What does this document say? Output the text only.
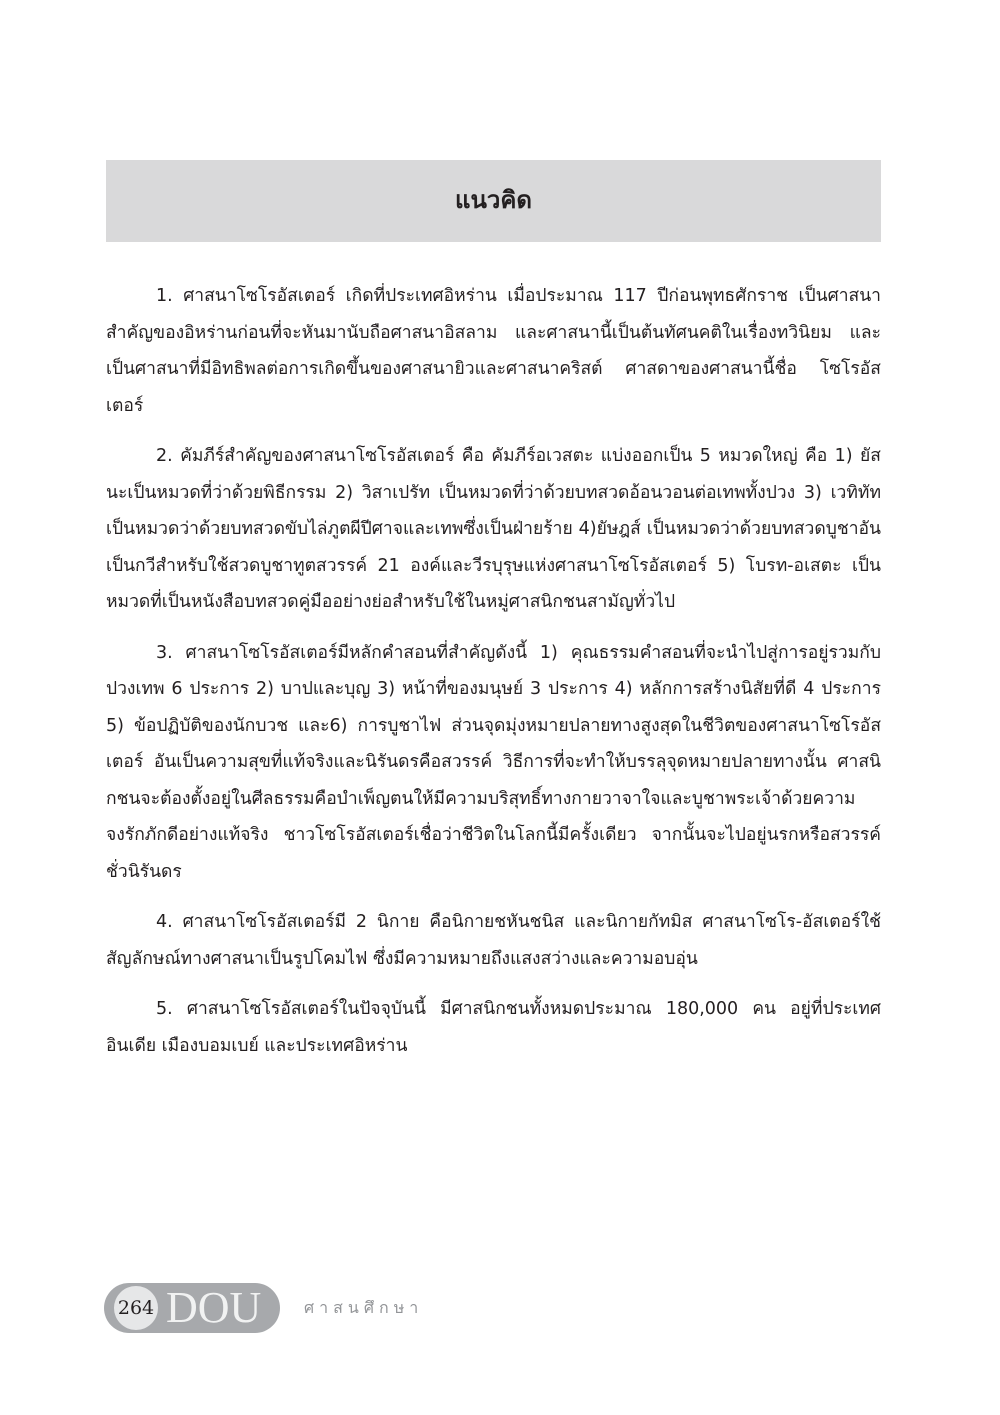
แนวคิด

1. ศาสนาโซโรอัสเตอร์ เกิดที่ประเทศอิหร่าน เมื่อประมาณ 117 ปีก่อนพุทธศักราช เป็นศาสนาสำคัญของอิหร่านก่อนที่จะหันมานับถือศาสนาอิสลาม และศาสนานี้เป็นต้นทัศนคติในเรื่องทวินิยม และเป็นศาสนาที่มีอิทธิพลต่อการเกิดขึ้นของศาสนายิวและศาสนาคริสต์ ศาสดาของศาสนานี้ชื่อ โซโรอัสเตอร์

2. คัมภีร์สำคัญของศาสนาโซโรอัสเตอร์ คือ คัมภีร์อเวสตะ แบ่งออกเป็น 5 หมวดใหญ่ คือ 1) ยัสนะเป็นหมวดที่ว่าด้วยพิธีกรรม 2) วิสาเปรัท เป็นหมวดที่ว่าด้วยบทสวดอ้อนวอนต่อเทพทั้งปวง 3) เวทิทัท เป็นหมวดว่าด้วยบทสวดขับไล่ภูตผีปีศาจและเทพซึ่งเป็นฝ่ายร้าย 4)ยัษฎส์ เป็นหมวดว่าด้วยบทสวดบูชาอันเป็นกวีสำหรับใช้สวดบูชาทูตสวรรค์ 21 องค์และวีรบุรุษแห่งศาสนาโซโรอัสเตอร์ 5) โบรท-อเสตะ เป็นหมวดที่เป็นหนังสือบทสวดคู่มืออย่างย่อสำหรับใช้ในหมู่ศาสนิกชนสามัญทั่วไป

3. ศาสนาโซโรอัสเตอร์มีหลักคำสอนที่สำคัญดังนี้ 1) คุณธรรมคำสอนที่จะนำไปสู่การอยู่รวมกับปวงเทพ 6 ประการ 2) บาปและบุญ 3) หน้าที่ของมนุษย์ 3 ประการ 4) หลักการสร้างนิสัยที่ดี 4 ประการ 5) ข้อปฏิบัติของนักบวช และ6) การบูชาไฟ ส่วนจุดมุ่งหมายปลายทางสูงสุดในชีวิตของศาสนาโซโรอัสเตอร์ อันเป็นความสุขที่แท้จริงและนิรันดรคือสวรรค์ วิธีการที่จะทำให้บรรลุจุดหมายปลายทางนั้น ศาสนิกชนจะต้องตั้งอยู่ในศีลธรรมคือบำเพ็ญตนให้มีความบริสุทธิ์ทางกายวาจาใจและบูชาพระเจ้าด้วยความจงรักภักดีอย่างแท้จริง ชาวโซโรอัสเตอร์เชื่อว่าชีวิตในโลกนี้มีครั้งเดียว จากนั้นจะไปอยู่นรกหรือสวรรค์ชั่วนิรันดร

4. ศาสนาโซโรอัสเตอร์มี 2 นิกาย คือนิกายชหันชนิส และนิกายกัทมิส ศาสนาโซโร-อัสเตอร์ใช้สัญลักษณ์ทางศาสนาเป็นรูปโคมไฟ ซึ่งมีความหมายถึงแสงสว่างและความอบอุ่น

5. ศาสนาโซโรอัสเตอร์ในปัจจุบันนี้ มีศาสนิกชนทั้งหมดประมาณ 180,000 คน อยู่ที่ประเทศอินเดีย เมืองบอมเบย์ และประเทศอิหร่าน

264 DOU	ศาสนศึกษา
